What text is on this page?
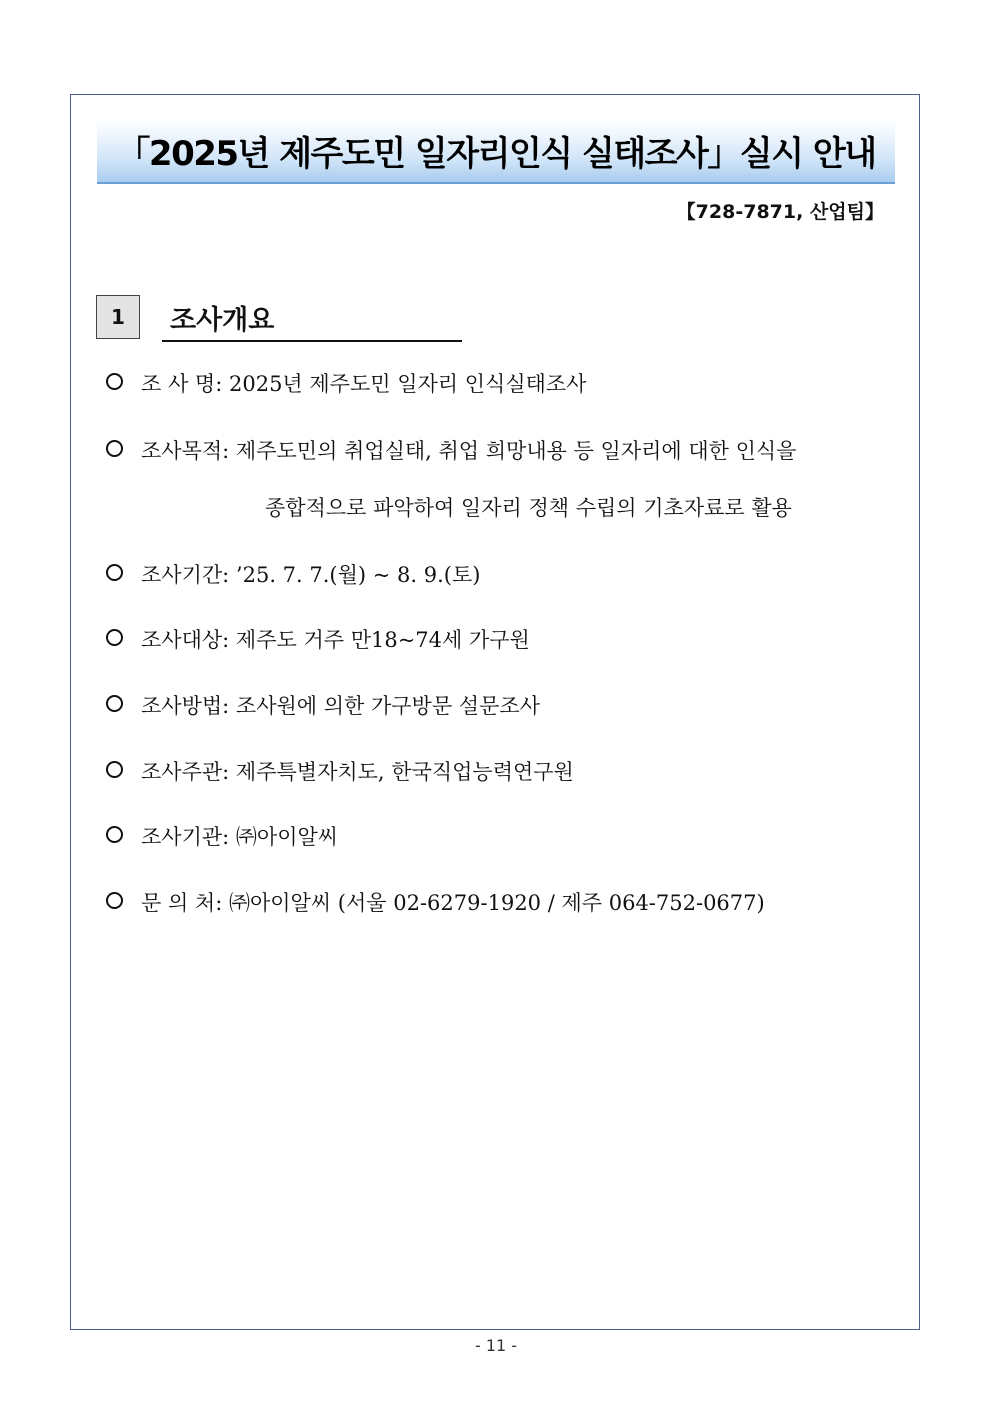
「2025년 제주도민 일자리인식 실태조사」실시 안내
【728-7871, 산업팀】
1	조사개요
조 사 명: 2025년 제주도민 일자리 인식실태조사
조사목적: 제주도민의 취업실태, 취업 희망내용 등 일자리에 대한 인식을
종합적으로 파악하여 일자리 정책 수립의 기초자료로 활용
조사기간: ’25. 7. 7.(월) ~ 8. 9.(토)
조사대상: 제주도 거주 만18~74세 가구원
조사방법: 조사원에 의한 가구방문 설문조사
조사주관: 제주특별자치도, 한국직업능력연구원
조사기관: ㈜아이알씨
문 의 처: ㈜아이알씨 (서울 02-6279-1920 / 제주 064-752-0677)
- 11 -
